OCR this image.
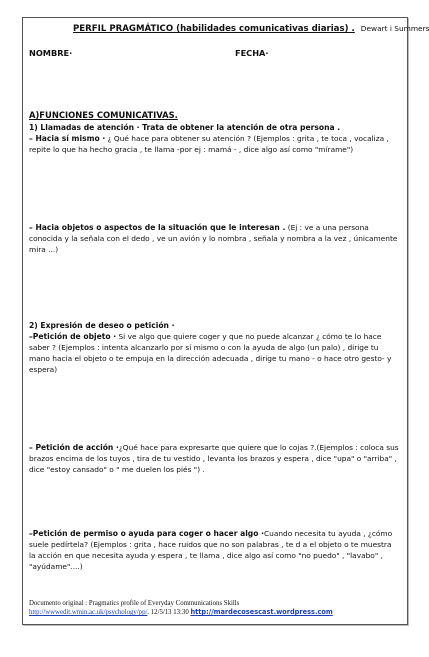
PERFIL PRAGMÁTICO (habilidades comunicativas diarias) . Dewart i Summers
NOMBRE·	FECHA·
A)FUNCIONES COMUNICATIVAS.
1) Llamadas de atención · Trata de obtener la atención de otra persona .
– Hacia sí mismo · ¿ Qué hace para obtener su atención ? (Ejemplos : grita , te toca , vocaliza , repite lo que ha hecho gracia , te llama -por ej : mamá - , dice algo así como "mírame")
– Hacia objetos o aspectos de la situación que le interesan . (Ej : ve a una persona conocida y la señala con el dedo , ve un avión y lo nombra , señala y nombra a la vez , únicamente mira ...)
2) Expresión de deseo o petición ·
–Petición de objeto · Si ve algo que quiere coger y que no puede alcanzar ¿ cómo te lo hace saber ? (Ejemplos : intenta alcanzarlo por sí mismo o con la ayuda de algo (un palo) , dirige tu mano hacia el objeto o te empuja en la dirección adecuada , dirige tu mano - o hace otro gesto- y espera)
– Petición de acción ·¿Qué hace para expresarte que quiere que lo cojas ?.(Ejemplos : coloca sus brazos encima de los tuyos , tira de tu vestido , levanta los brazos y espera , dice "upa" o "arriba" , dice "estoy cansado" o " me duelen los piés ") .
–Petición de permiso o ayuda para coger o hacer algo ·Cuando necesita tu ayuda , ¿cómo suele pedírtela? (Ejemplos : grita , hace ruidos que no son palabras , te d a el objeto o te muestra la acción en que necesita ayuda y espera , te llama , dice algo así como "no puedo" , "lavabo" , "ayúdame"....)
Documento original : Pragmatics profile of Everyday Communications Skills
http://wwwedit.wmin.ac.uk/psychology/pp/. 12/5/13 13:30 http://mardecosescast.wordpress.com
